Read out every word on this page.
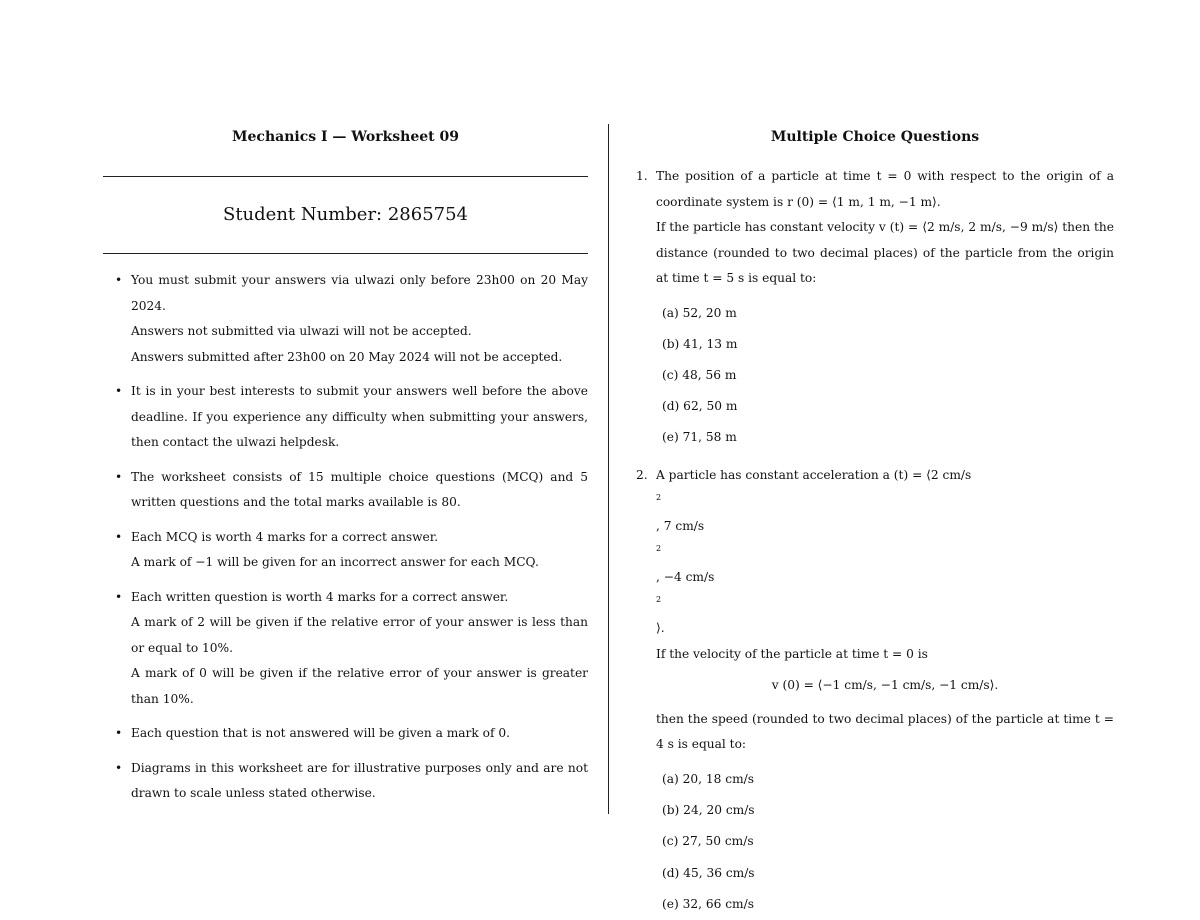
Mechanics I — Worksheet 09
Student Number: 2865754
• You must submit your answers via ulwazi only before 23h00 on 20 May 2024.
Answers not submitted via ulwazi will not be accepted.
Answers submitted after 23h00 on 20 May 2024 will not be accepted.
• It is in your best interests to submit your answers well before the above deadline. If you experience any difficulty when submitting your answers, then contact the ulwazi helpdesk.
• The worksheet consists of 15 multiple choice questions (MCQ) and 5 written questions and the total marks available is 80.
• Each MCQ is worth 4 marks for a correct answer.
A mark of −1 will be given for an incorrect answer for each MCQ.
• Each written question is worth 4 marks for a correct answer.
A mark of 2 will be given if the relative error of your answer is less than or equal to 10%.
A mark of 0 will be given if the relative error of your answer is greater than 10%.
• Each question that is not answered will be given a mark of 0.
• Diagrams in this worksheet are for illustrative purposes only and are not drawn to scale unless stated otherwise.
Multiple Choice Questions
1. The position of a particle at time t = 0 with respect to the origin of a coordinate system is r (0) = ⟨1 m, 1 m, −1 m⟩.
If the particle has constant velocity v (t) = ⟨2 m/s, 2 m/s, −9 m/s⟩ then the distance (rounded to two decimal places) of the particle from the origin at time t = 5 s is equal to:
(a) 52, 20 m
(b) 41, 13 m
(c) 48, 56 m
(d) 62, 50 m
(e) 71, 58 m
2. A particle has constant acceleration a (t) = ⟨2 cm/s
$^2$
, 7 cm/s
$^2$
, −4 cm/s
$^2$
⟩.
If the velocity of the particle at time t = 0 is
v (0) = ⟨−1 cm/s, −1 cm/s, −1 cm/s⟩.
then the speed (rounded to two decimal places) of the particle at time t = 4 s is equal to:
(a) 20, 18 cm/s
(b) 24, 20 cm/s
(c) 27, 50 cm/s
(d) 45, 36 cm/s
(e) 32, 66 cm/s
